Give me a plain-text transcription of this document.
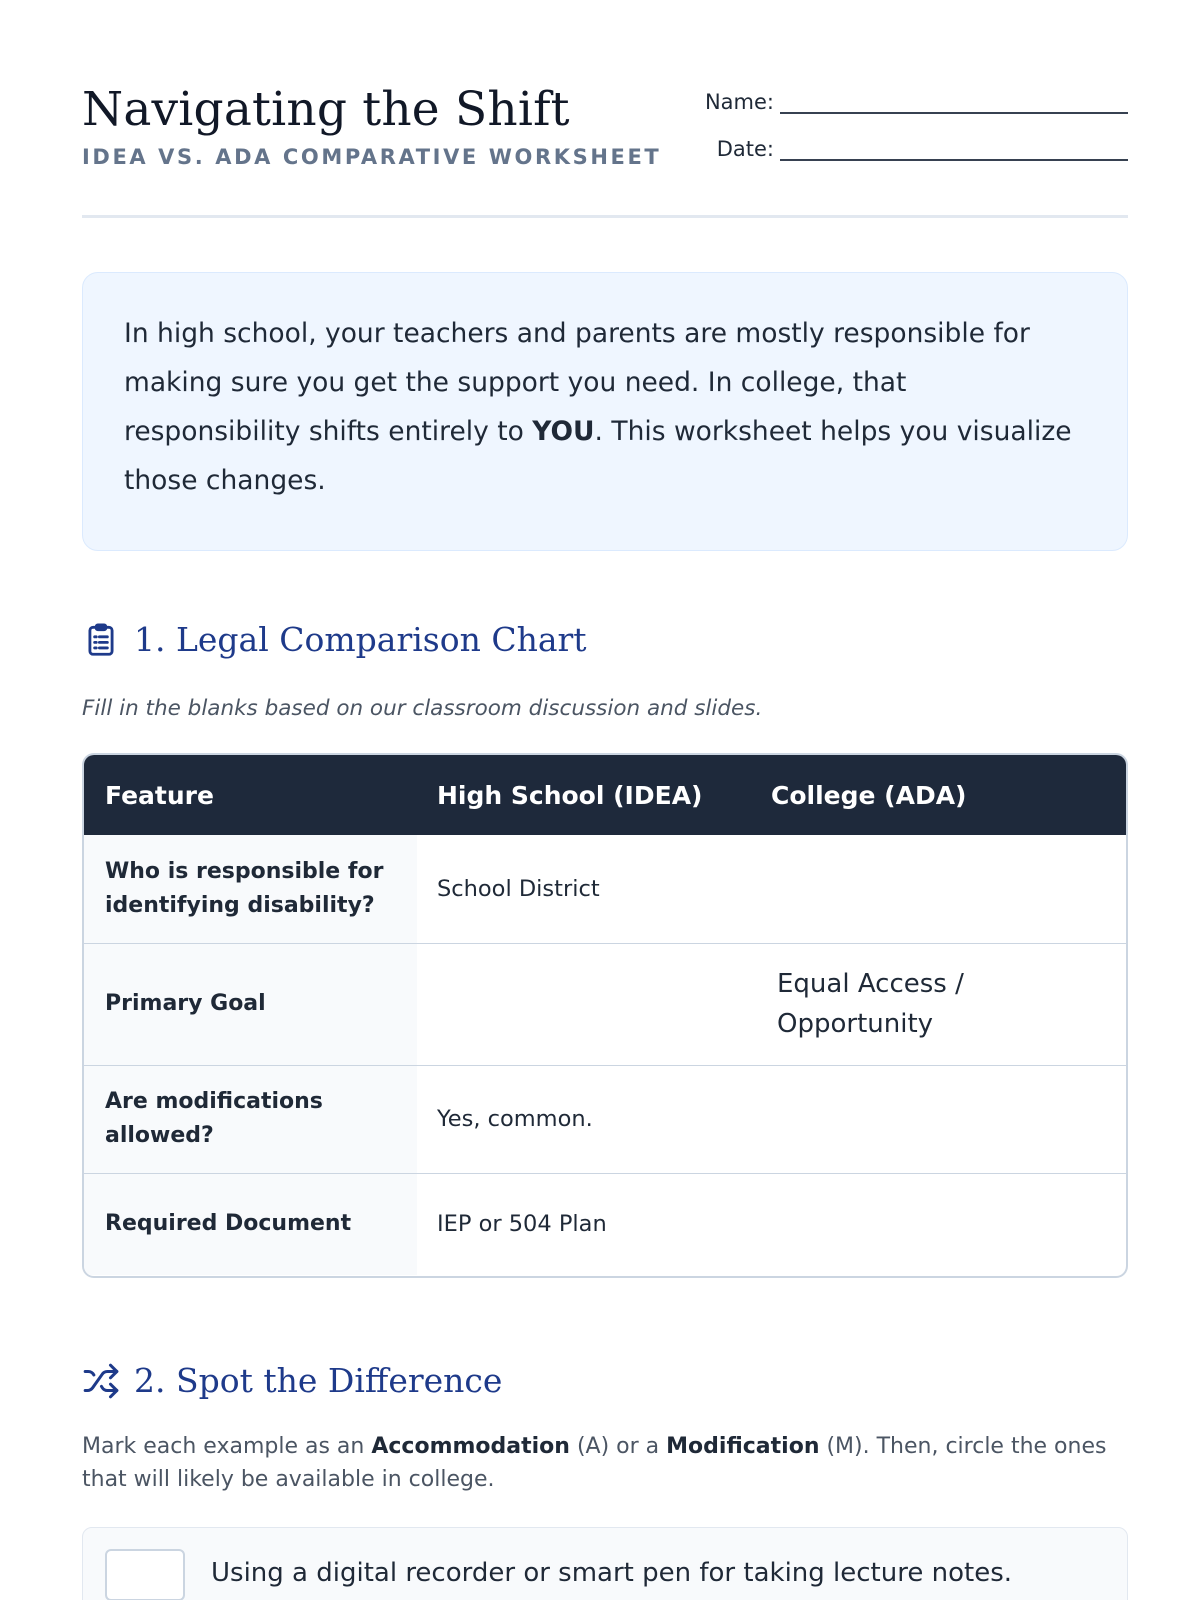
Navigating the Shift
IDEA VS. ADA COMPARATIVE WORKSHEET
Name:
Date:
In high school, your teachers and parents are mostly responsible for making sure you get the support you need. In college, that responsibility shifts entirely to YOU. This worksheet helps you visualize those changes.
1. Legal Comparison Chart
Fill in the blanks based on our classroom discussion and slides.
Feature	High School (IDEA)	College (ADA)
Who is responsible for identifying disability?	School District	
Primary Goal		Equal Access / Opportunity
Are modifications allowed?	Yes, common.	
Required Document	IEP or 504 Plan	
2. Spot the Difference
Mark each example as an Accommodation (A) or a Modification (M). Then, circle the ones that will likely be available in college.
Using a digital recorder or smart pen for taking lecture notes.
